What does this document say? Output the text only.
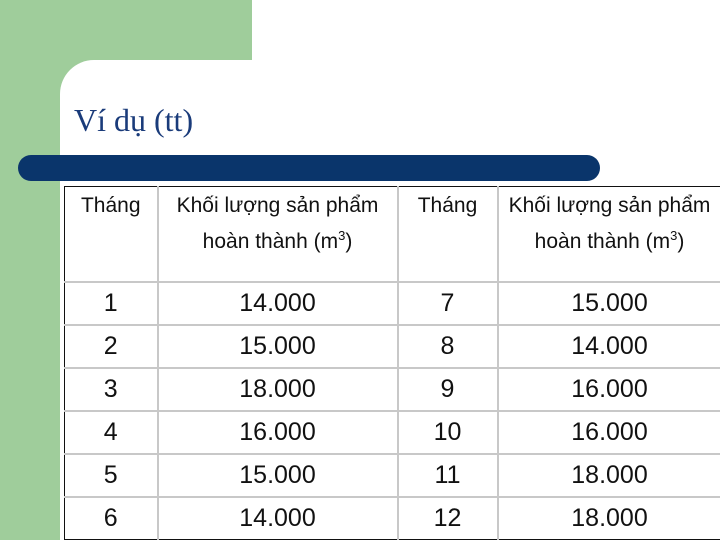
Ví dụ (tt)
Tháng	Khối lượng sản phẩm hoàn thành $(m^3)$	Tháng	Khối lượng sản phẩm hoàn thành $(m^3)$
1	14.000	7	15.000
2	15.000	8	14.000
3	18.000	9	16.000
4	16.000	10	16.000
5	15.000	11	18.000
6	14.000	12	18.000
